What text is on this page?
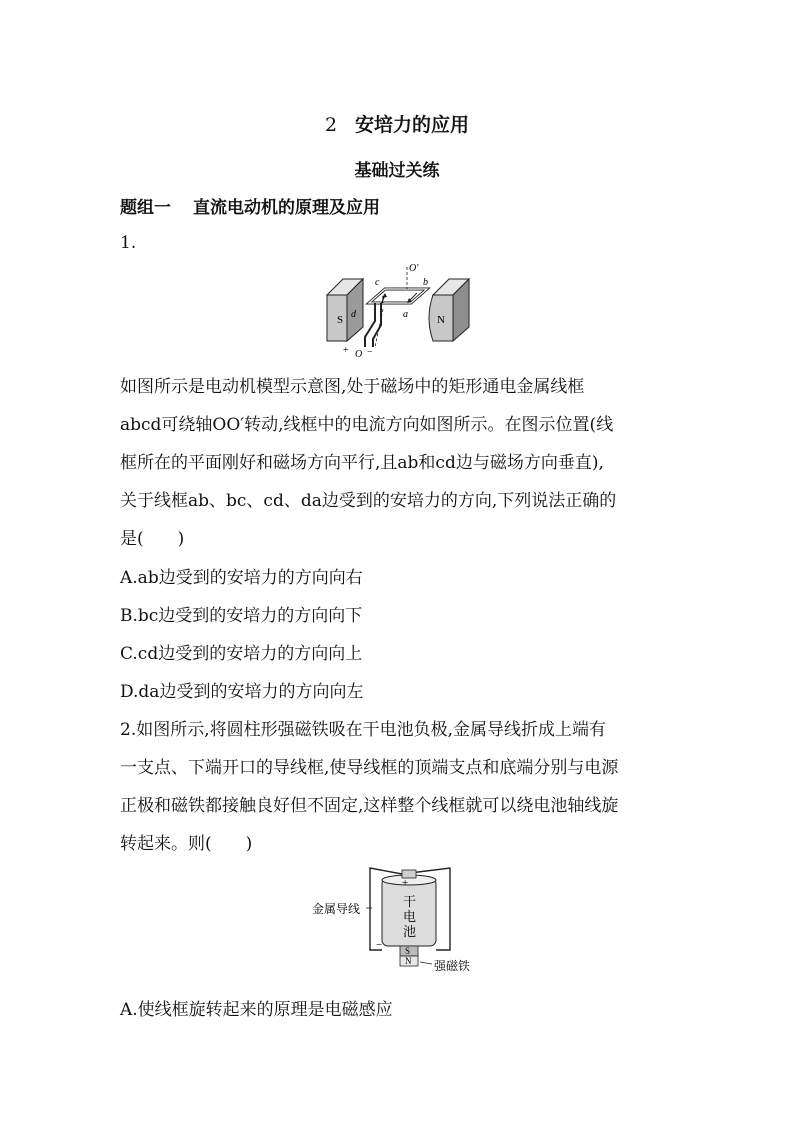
2 安培力的应用
基础过关练
题组一 直流电动机的原理及应用
1.
S	N
O′
O
a
b
c
d
I
+ −
如图所示是电动机模型示意图,处于磁场中的矩形通电金属线框
abcd可绕轴OO′转动,线框中的电流方向如图所示。在图示位置(线
框所在的平面刚好和磁场方向平行,且ab和cd边与磁场方向垂直),
关于线框ab、bc、cd、da边受到的安培力的方向,下列说法正确的
是(　　)
A.ab边受到的安培力的方向向右
B.bc边受到的安培力的方向向下
C.cd边受到的安培力的方向向上
D.da边受到的安培力的方向向左
2.如图所示,将圆柱形强磁铁吸在干电池负极,金属导线折成上端有
一支点、下端开口的导线框,使导线框的顶端支点和底端分别与电源
正极和磁铁都接触良好但不固定,这样整个线框就可以绕电池轴线旋
转起来。则(　　)
金属导线
+
干
电
池
−	S
N 强磁铁
A.使线框旋转起来的原理是电磁感应
